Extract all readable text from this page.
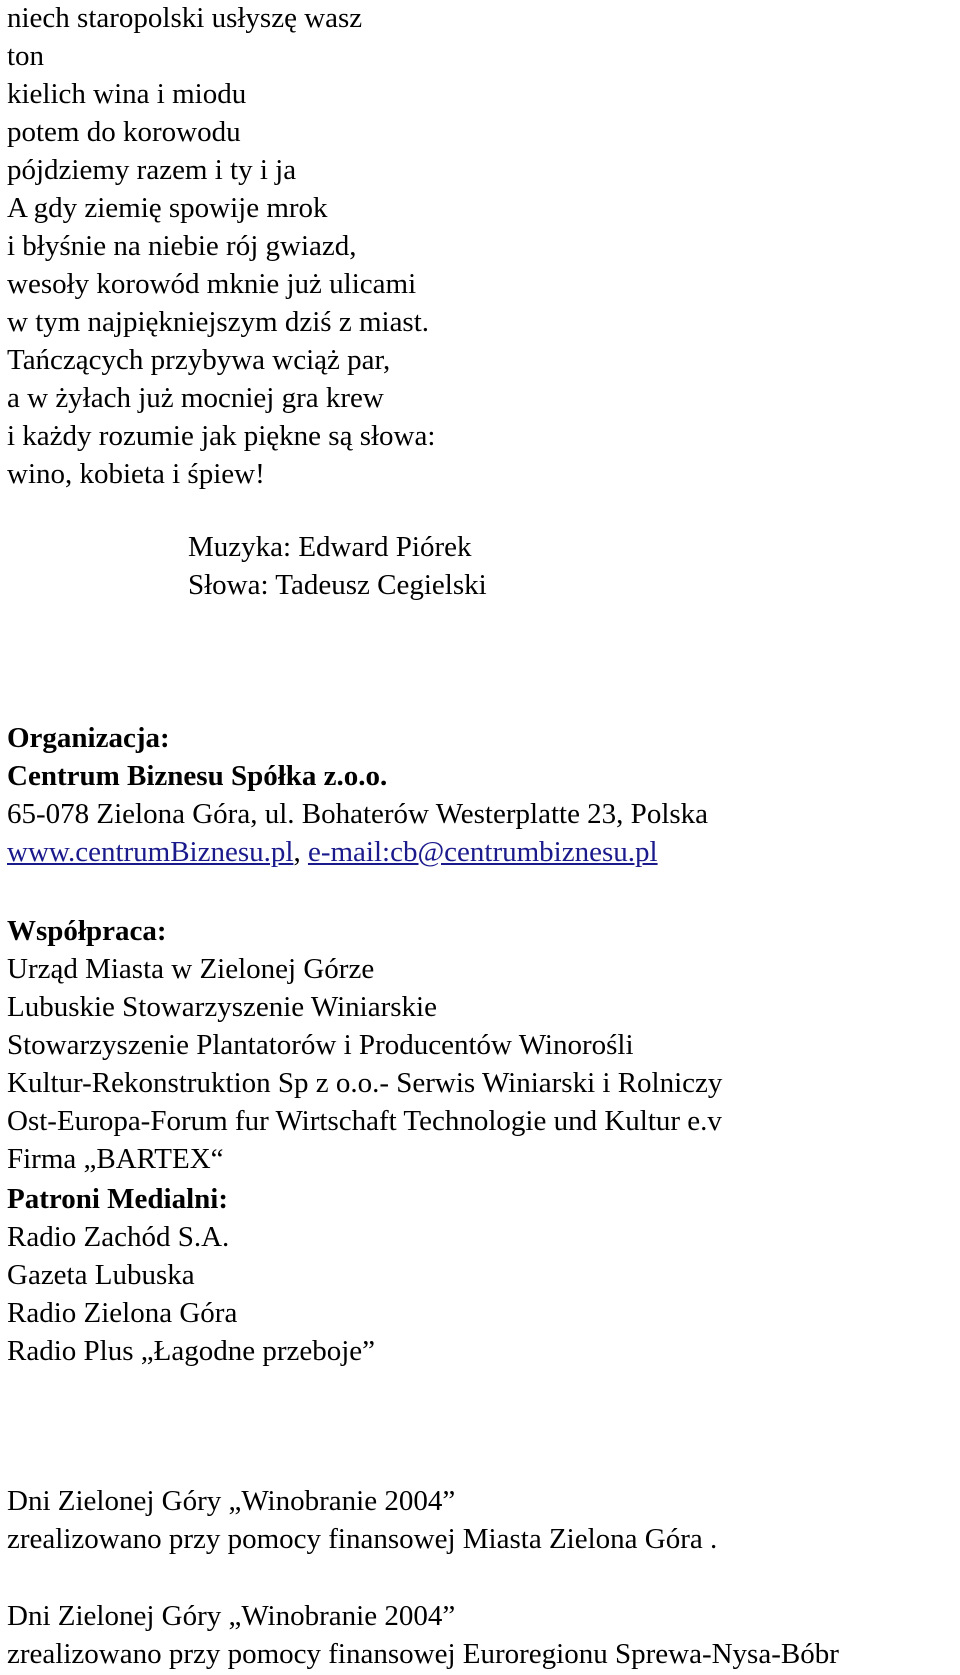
niech staropolski usłyszę wasz
ton
kielich wina i miodu
potem do korowodu
pójdziemy razem i ty i ja
A gdy ziemię spowije mrok
i błyśnie na niebie rój gwiazd,
wesoły korowód mknie już ulicami
w tym najpiękniejszym dziś z miast.
Tańczących przybywa wciąż par,
a w żyłach już mocniej gra krew
i każdy rozumie jak piękne są słowa:
wino, kobieta i śpiew!
Muzyka: Edward Piórek
Słowa: Tadeusz Cegielski
Organizacja:
Centrum Biznesu Spółka z.o.o.
65-078 Zielona Góra, ul. Bohaterów Westerplatte 23, Polska
www.centrumBiznesu.pl, e-mail:cb@centrumbiznesu.pl
Współpraca:
Urząd Miasta w Zielonej Górze
Lubuskie Stowarzyszenie Winiarskie
Stowarzyszenie Plantatorów i Producentów Winorośli
Kultur-Rekonstruktion Sp z o.o.- Serwis Winiarski i Rolniczy
Ost-Europa-Forum fur Wirtschaft Technologie und Kultur e.v
Firma „BARTEX“
Patroni Medialni:
Radio Zachód S.A.
Gazeta Lubuska
Radio Zielona Góra
Radio Plus „Łagodne przeboje”
Dni Zielonej Góry „Winobranie 2004”
zrealizowano przy pomocy finansowej Miasta Zielona Góra .
Dni Zielonej Góry „Winobranie 2004”
zrealizowano przy pomocy finansowej Euroregionu Sprewa-Nysa-Bóbr
